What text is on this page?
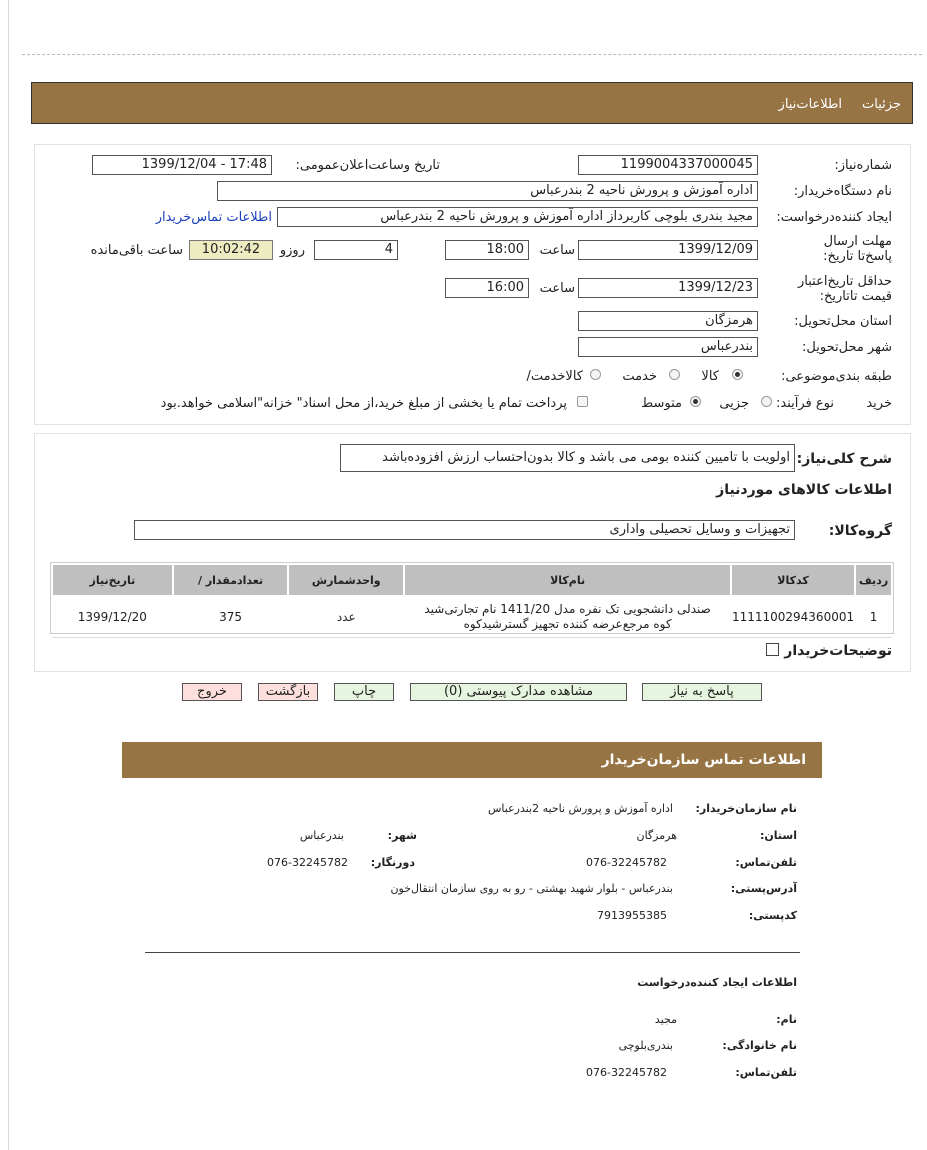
جزئیات
اطلاعات‌نیاز
شماره‌نیاز:
1199004337000045
تاریخ وساعت‌اعلان‌عمومی:
1399/12/04 - 17:48
نام دستگاه‌خریدار:
اداره آموزش و پرورش ناحیه 2 بندرعباس
ایجاد کننده‌درخواست:
مجید بندری بلوچی کاربرداز اداره آموزش و پرورش ناحیه 2 بندرعباس
اطلاعات تماس‌خریدار
مهلت ارسال پاسخ‌تا تاریخ:
1399/12/09
ساعت
18:00
4
روزو
10:02:42
ساعت باقی‌مانده
حداقل تاریخ‌اعتبار قیمت تا‌تاریخ:
1399/12/23
ساعت
16:00
استان محل‌تحویل:
هرمزگان
شهر محل‌تحویل:
بندرعباس
طبقه بندی‌موضوعی:
کالا
خدمت
کالا‌خدمت/
نوع فرآیند: خرید
جزیی
متوسط
پرداخت تمام یا بخشی از مبلغ خرید،از محل اسناد" خزانه"اسلامی خواهد.بود
شرح کلی‌نیاز:
اولویت با تامیین کننده بومی می باشد و کالا بدون‌احتساب ارزش افزوده‌باشد
اطلاعات کالاهای موردنیاز
گروه‌کالا:
تجهیزات و وسایل تحصیلی واداری
ردیف	کدکالا	نام‌کالا	واحدشمارش	تعداد‌مقدار /	تاریخ‌نیاز
1	1111100294360001	صندلی دانشجویی تک نفره مدل 1411/20 نام تجارتی‌شید کوه مرجع‌عرضه کننده تجهیز گسترشیدکوه	عدد	375	1399/12/20
توضیحات‌خریدار
پاسخ به نیاز
مشاهده مدارک پیوستی (0)
چاپ
بازگشت
خروج
اطلاعات تماس سازمان‌خریدار
نام سازمان‌خریدار:
اداره آموزش و پرورش ناحیه 2بندرعباس
استان:
هرمزگان
شهر:
بندرعباس
تلفن‌تماس:
076-32245782
دورنگار:
076-32245782
آدرس‌پستی:
بندرعباس - بلوار شهید بهشتی - رو به روی سازمان انتقال‌خون
کدپستی:
7913955385
اطلاعات ایجاد کننده‌درخواست
نام:
مجید
نام خانوادگی:
بندری‌بلوچی
تلفن‌تماس:
076-32245782
